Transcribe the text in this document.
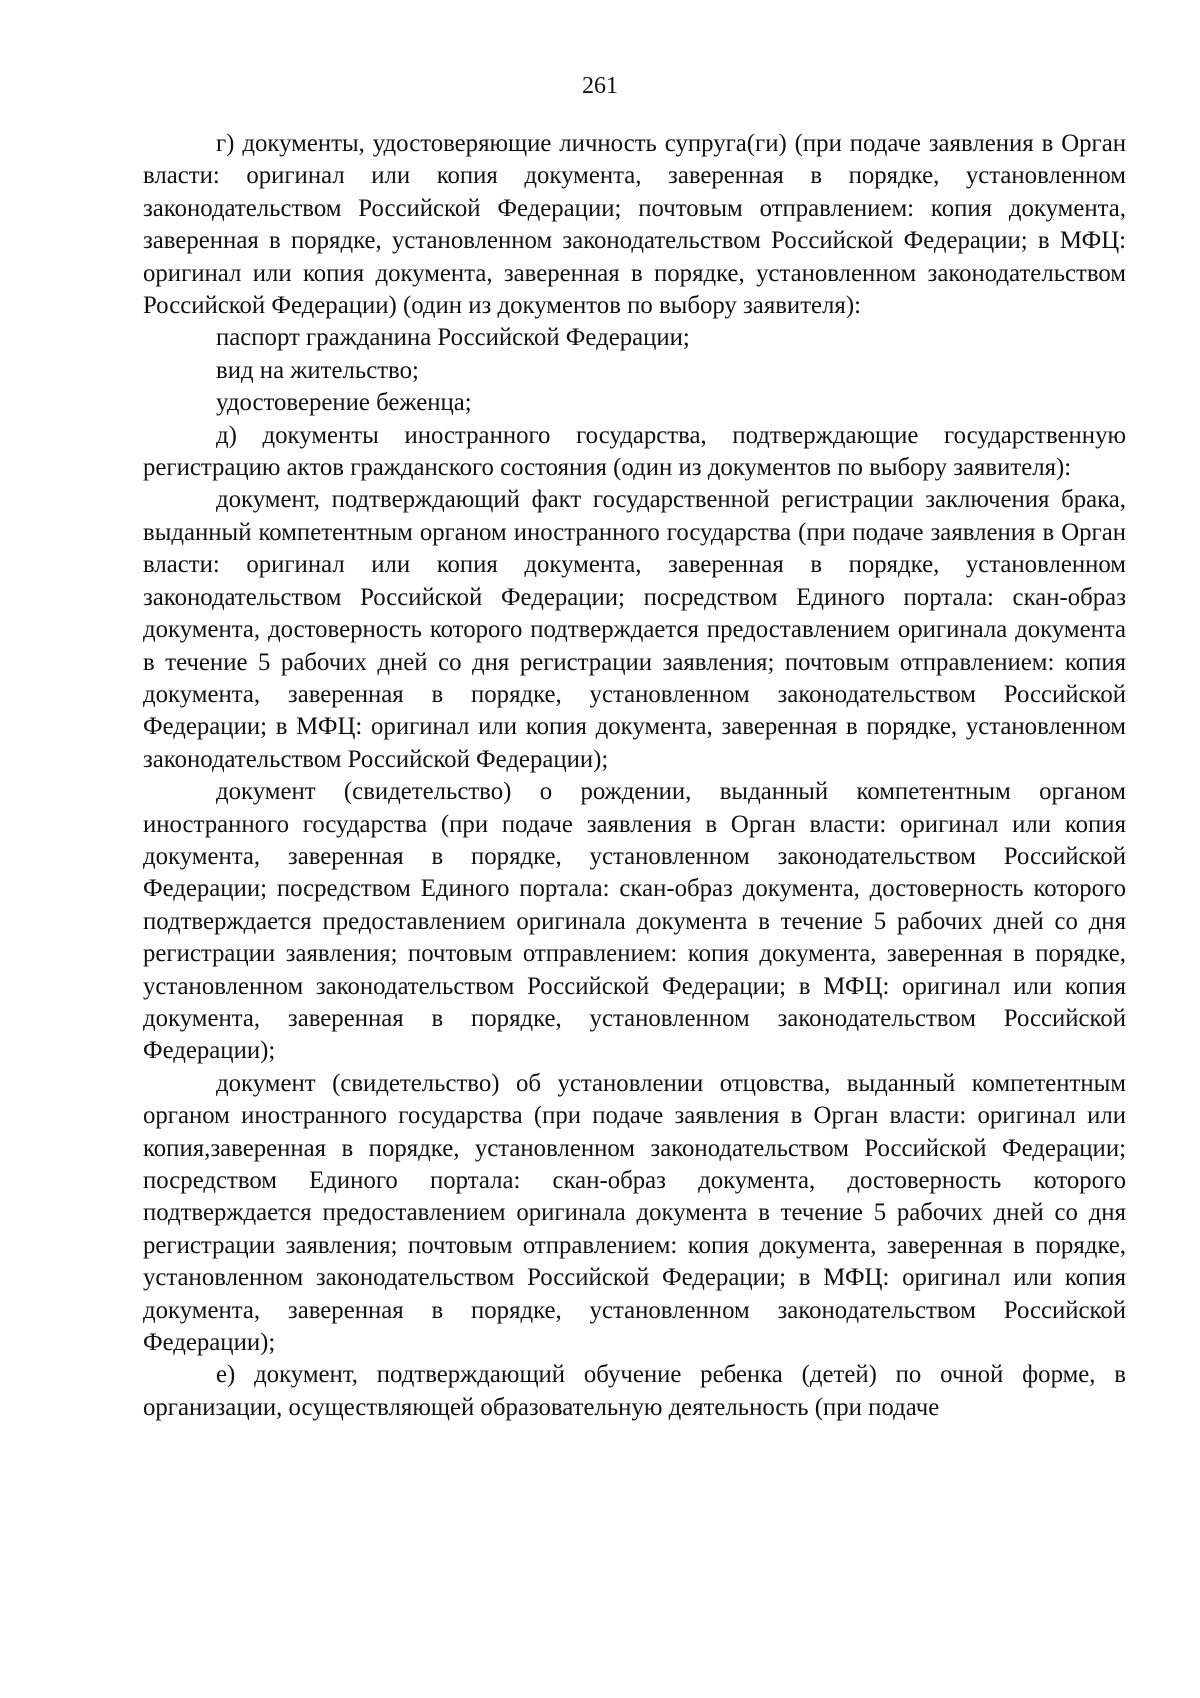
261

г) документы, удостоверяющие личность супруга(ги) (при подаче заявления в Орган власти: оригинал или копия документа, заверенная в порядке, установленном законодательством Российской Федерации; почтовым отправлением: копия документа, заверенная в порядке, установленном законодательством Российской Федерации; в МФЦ: оригинал или копия документа, заверенная в порядке, установленном законодательством Российской Федерации) (один из документов по выбору заявителя):

паспорт гражданина Российской Федерации;

вид на жительство;

удостоверение беженца;

д) документы иностранного государства, подтверждающие государственную регистрацию актов гражданского состояния (один из документов по выбору заявителя):

документ, подтверждающий факт государственной регистрации заключения брака, выданный компетентным органом иностранного государства (при подаче заявления в Орган власти: оригинал или копия документа, заверенная в порядке, установленном законодательством Российской Федерации; посредством Единого портала: скан-образ документа, достоверность которого подтверждается предоставлением оригинала документа в течение 5 рабочих дней со дня регистрации заявления; почтовым отправлением: копия документа, заверенная в порядке, установленном законодательством Российской Федерации; в МФЦ: оригинал или копия документа, заверенная в порядке, установленном законодательством Российской Федерации);

документ (свидетельство) о рождении, выданный компетентным органом иностранного государства (при подаче заявления в Орган власти: оригинал или копия документа, заверенная в порядке, установленном законодательством Российской Федерации; посредством Единого портала: скан-образ документа, достоверность которого подтверждается предоставлением оригинала документа в течение 5 рабочих дней со дня регистрации заявления; почтовым отправлением: копия документа, заверенная в порядке, установленном законодательством Российской Федерации; в МФЦ: оригинал или копия документа, заверенная в порядке, установленном законодательством Российской Федерации);

документ (свидетельство) об установлении отцовства, выданный компетентным органом иностранного государства (при подаче заявления в Орган власти: оригинал или копия,заверенная в порядке, установленном законодательством Российской Федерации; посредством Единого портала: скан-образ документа, достоверность которого подтверждается предоставлением оригинала документа в течение 5 рабочих дней со дня регистрации заявления; почтовым отправлением: копия документа, заверенная в порядке, установленном законодательством Российской Федерации; в МФЦ: оригинал или копия документа, заверенная в порядке, установленном законодательством Российской Федерации);

е) документ, подтверждающий обучение ребенка (детей) по очной форме, в организации, осуществляющей образовательную деятельность (при подаче
